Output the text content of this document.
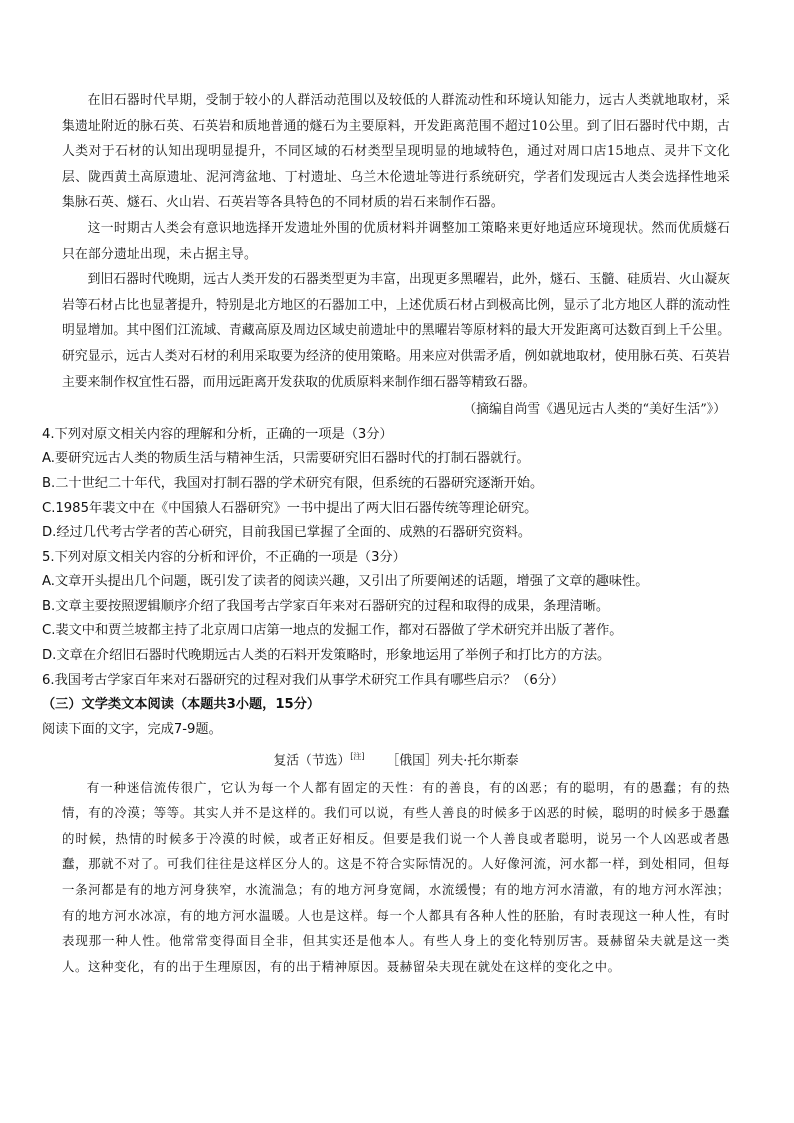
在旧石器时代早期，受制于较小的人群活动范围以及较低的人群流动性和环境认知能力，远古人类就地取材，采集遗址附近的脉石英、石英岩和质地普通的燧石为主要原料，开发距离范围不超过10公里。到了旧石器时代中期，古人类对于石材的认知出现明显提升，不同区域的石材类型呈现明显的地域特色，通过对周口店15地点、灵井下文化层、陇西黄土高原遗址、泥河湾盆地、丁村遗址、乌兰木伦遗址等进行系统研究，学者们发现远古人类会选择性地采集脉石英、燧石、火山岩、石英岩等各具特色的不同材质的岩石来制作石器。

这一时期古人类会有意识地选择开发遗址外围的优质材料并调整加工策略来更好地适应环境现状。然而优质燧石只在部分遗址出现，未占据主导。

到旧石器时代晚期，远古人类开发的石器类型更为丰富，出现更多黑曜岩，此外，燧石、玉髓、硅质岩、火山凝灰岩等石材占比也显著提升，特别是北方地区的石器加工中，上述优质石材占到极高比例，显示了北方地区人群的流动性明显增加。其中图们江流域、青藏高原及周边区域史前遗址中的黑曜岩等原材料的最大开发距离可达数百到上千公里。研究显示，远古人类对石材的利用采取要为经济的使用策略。用来应对供需矛盾，例如就地取材，使用脉石英、石英岩主要来制作权宜性石器，而用远距离开发获取的优质原料来制作细石器等精致石器。

（摘编自尚雪《遇见远古人类的“美好生活”》）

4.下列对原文相关内容的理解和分析，正确的一项是（3分）

A.要研究远古人类的物质生活与精神生活，只需要研究旧石器时代的打制石器就行。

B.二十世纪二十年代，我国对打制石器的学术研究有限，但系统的石器研究逐渐开始。

C.1985年裴文中在《中国猿人石器研究》一书中提出了两大旧石器传统等理论研究。

D.经过几代考古学者的苦心研究，目前我国已掌握了全面的、成熟的石器研究资料。

5.下列对原文相关内容的分析和评价，不正确的一项是（3分）

A.文章开头提出几个问题，既引发了读者的阅读兴趣，又引出了所要阐述的话题，增强了文章的趣味性。

B.文章主要按照逻辑顺序介绍了我国考古学家百年来对石器研究的过程和取得的成果，条理清晰。

C.裴文中和贾兰坡都主持了北京周口店第一地点的发掘工作，都对石器做了学术研究并出版了著作。

D.文章在介绍旧石器时代晚期远古人类的石料开发策略时，形象地运用了举例子和打比方的方法。

6.我国考古学家百年来对石器研究的过程对我们从事学术研究工作具有哪些启示？（6分）

（三）文学类文本阅读（本题共3小题，15分）

阅读下面的文字，完成7-9题。

复活（节选）[注] ［俄国］列夫·托尔斯泰

有一种迷信流传很广，它认为每一个人都有固定的天性：有的善良，有的凶恶；有的聪明，有的愚蠢；有的热情，有的冷漠；等等。其实人并不是这样的。我们可以说，有些人善良的时候多于凶恶的时候，聪明的时候多于愚蠢的时候，热情的时候多于冷漠的时候，或者正好相反。但要是我们说一个人善良或者聪明，说另一个人凶恶或者愚蠢，那就不对了。可我们往往是这样区分人的。这是不符合实际情况的。人好像河流，河水都一样，到处相同，但每一条河都是有的地方河身狭窄，水流湍急；有的地方河身宽阔，水流缓慢；有的地方河水清澈，有的地方河水浑浊；有的地方河水冰凉，有的地方河水温暖。人也是这样。每一个人都具有各种人性的胚胎，有时表现这一种人性，有时表现那一种人性。他常常变得面目全非，但其实还是他本人。有些人身上的变化特别厉害。聂赫留朵夫就是这一类人。这种变化，有的出于生理原因，有的出于精神原因。聂赫留朵夫现在就处在这样的变化之中。
